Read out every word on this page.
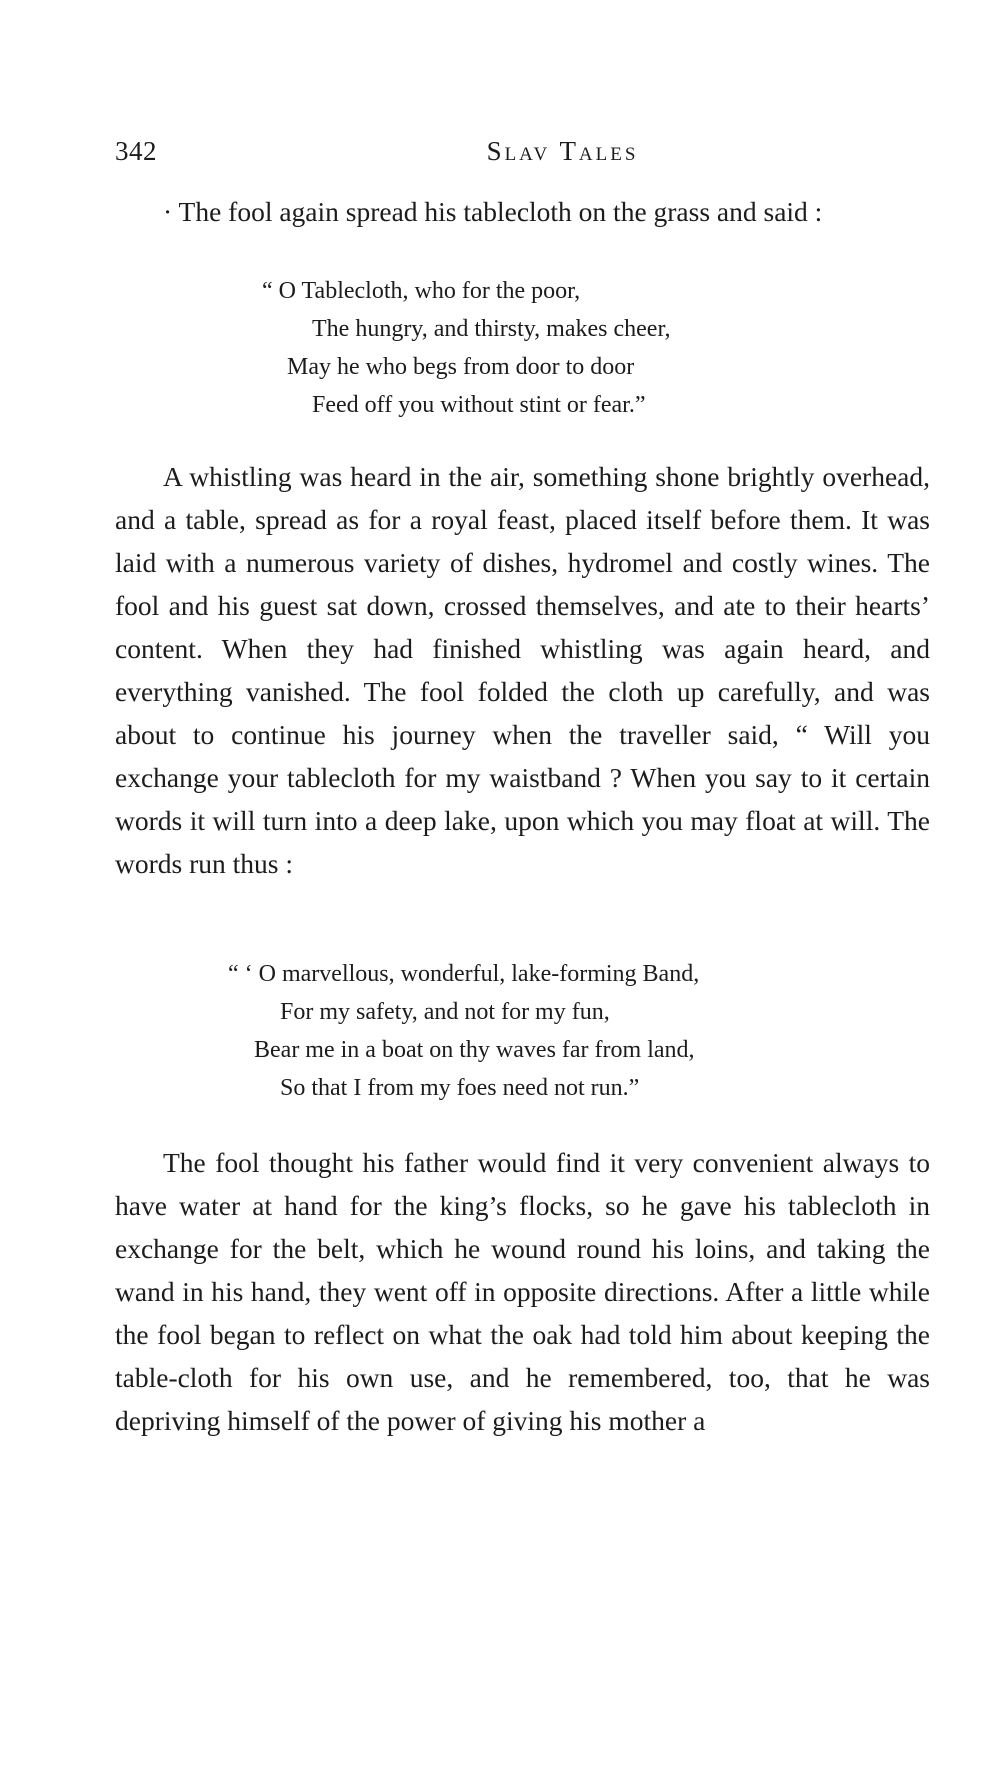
342	Slav Tales

· The fool again spread his tablecloth on the grass and said :

“ O Tablecloth, who for the poor,
The hungry, and thirsty, makes cheer,
May he who begs from door to door
Feed off you without stint or fear.”

A whistling was heard in the air, something shone brightly overhead, and a table, spread as for a royal feast, placed itself before them. It was laid with a numerous variety of dishes, hydromel and costly wines. The fool and his guest sat down, crossed themselves, and ate to their hearts’ content. When they had finished whistling was again heard, and everything vanished. The fool folded the cloth up carefully, and was about to continue his journey when the traveller said, “ Will you exchange your tablecloth for my waistband ? When you say to it certain words it will turn into a deep lake, upon which you may float at will. The words run thus :

“ ‘ O marvellous, wonderful, lake-forming Band,
For my safety, and not for my fun,
Bear me in a boat on thy waves far from land,
So that I from my foes need not run.”

The fool thought his father would find it very convenient always to have water at hand for the king’s flocks, so he gave his tablecloth in exchange for the belt, which he wound round his loins, and taking the wand in his hand, they went off in opposite directions. After a little while the fool began to reflect on what the oak had told him about keeping the table-cloth for his own use, and he remembered, too, that he was depriving himself of the power of giving his mother a
